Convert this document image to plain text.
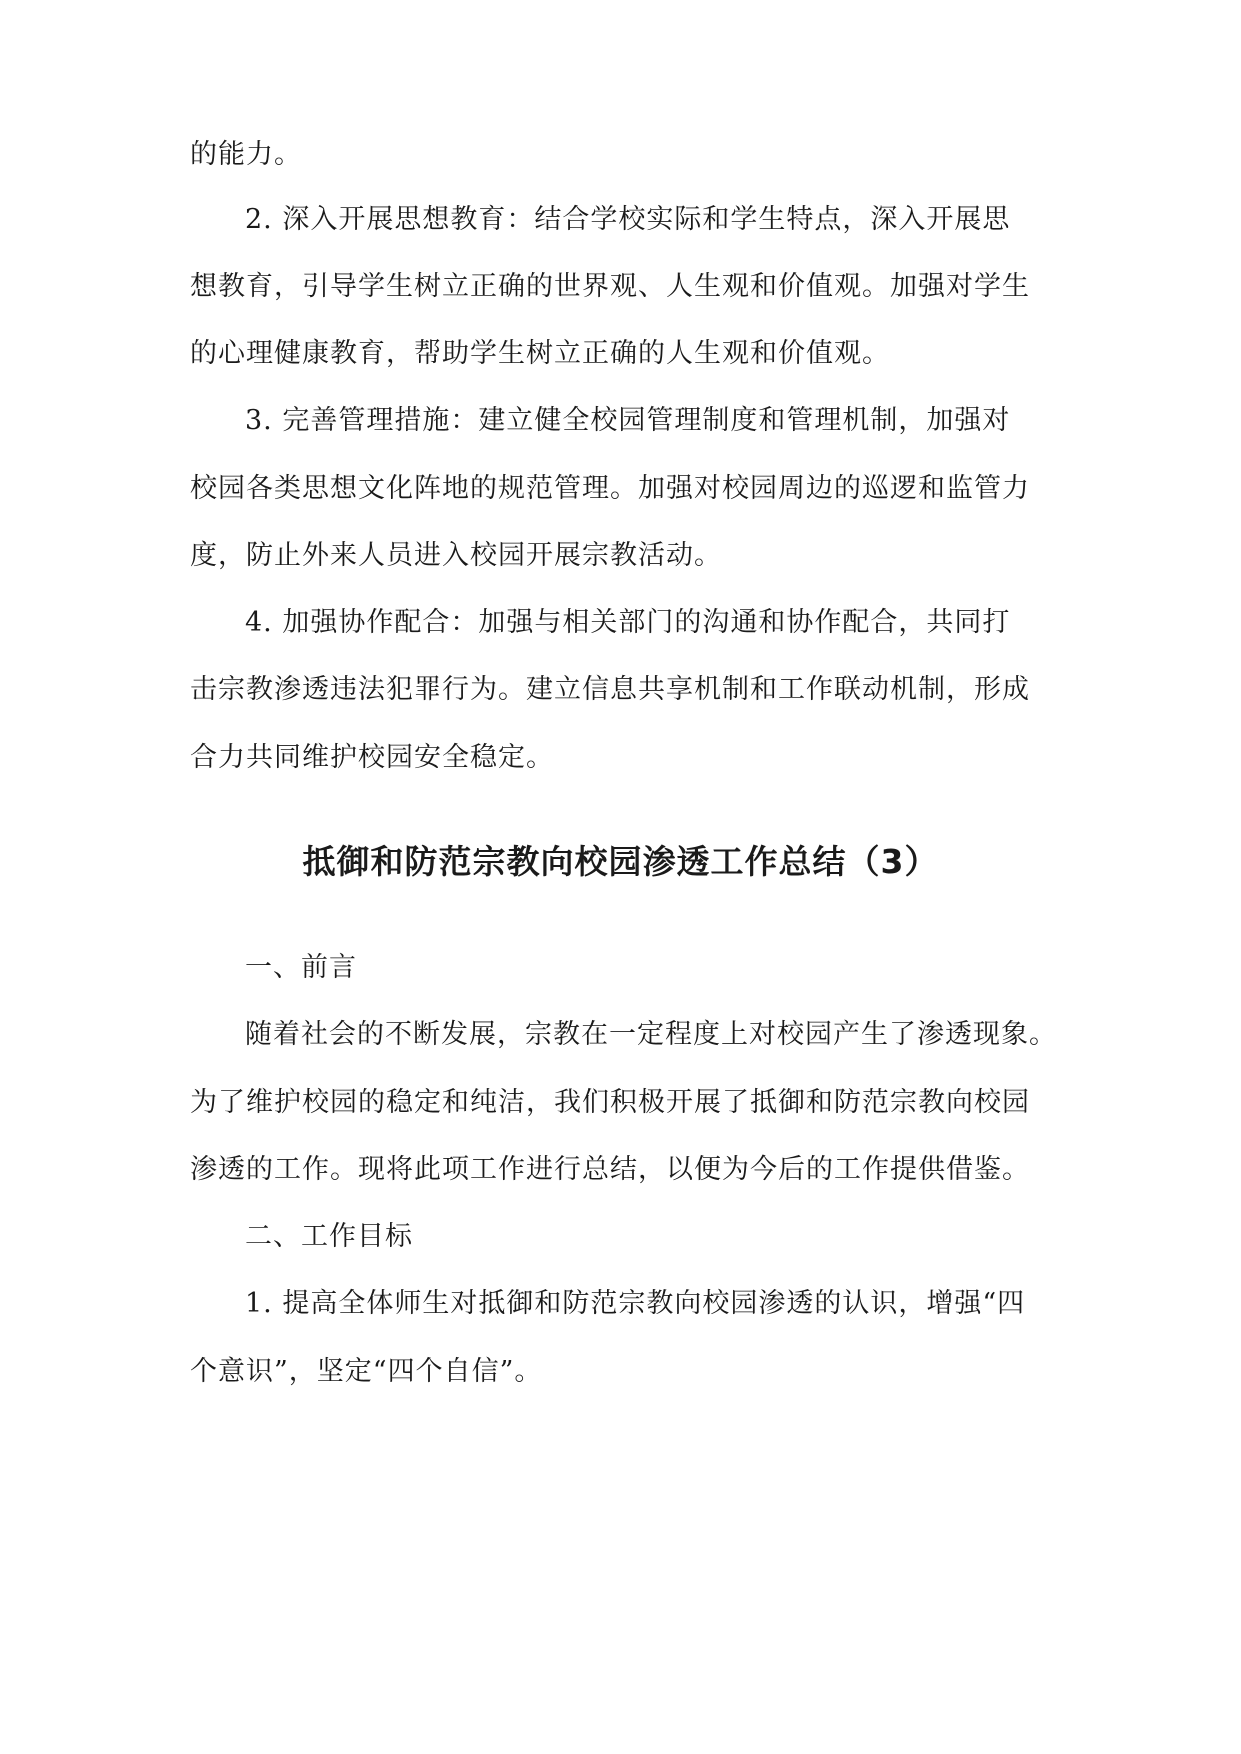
的能力。
2. 深入开展思想教育：结合学校实际和学生特点，深入开展思
想教育，引导学生树立正确的世界观、人生观和价值观。加强对学生
的心理健康教育，帮助学生树立正确的人生观和价值观。
3. 完善管理措施：建立健全校园管理制度和管理机制，加强对
校园各类思想文化阵地的规范管理。加强对校园周边的巡逻和监管力
度，防止外来人员进入校园开展宗教活动。
4. 加强协作配合：加强与相关部门的沟通和协作配合，共同打
击宗教渗透违法犯罪行为。建立信息共享机制和工作联动机制，形成
合力共同维护校园安全稳定。
抵御和防范宗教向校园渗透工作总结（3）
一、前言
随着社会的不断发展，宗教在一定程度上对校园产生了渗透现象。
为了维护校园的稳定和纯洁，我们积极开展了抵御和防范宗教向校园
渗透的工作。现将此项工作进行总结，以便为今后的工作提供借鉴。
二、工作目标
1. 提高全体师生对抵御和防范宗教向校园渗透的认识，增强“四
个意识”，坚定“四个自信”。
